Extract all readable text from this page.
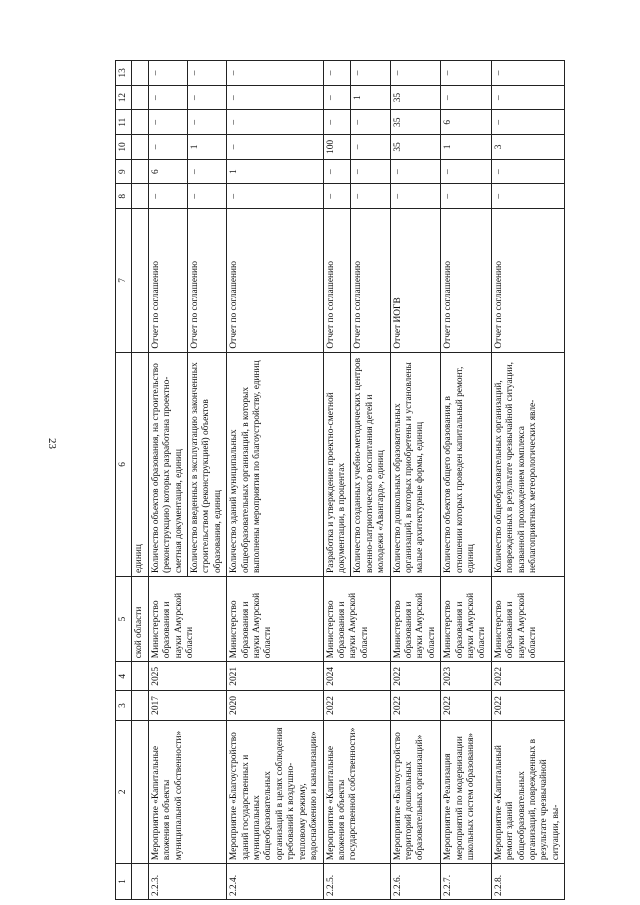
23
1	2	3	4	5	6	7	8	9	10	11	12	13
				ской области	единиц							
2.2.3.	Мероприятие «Капитальные вложения в объекты муниципальной собственности»	2017	2025	Министерство образования и науки Амурской области	Количество объектов образования, на строительство (реконструкцию) которых разработана проектно-сметная документация, единиц	Отчет по соглашению	–	6	–	–	–	–
					Количество введенных в эксплуатацию законченных строительством (реконструкцией) объектов образования, единиц	Отчет по соглашению	–	–	1	–	–	–
2.2.4.	Мероприятие «Благоустройство зданий государственных и муниципальных общеобразовательных организаций в целях соблюдения требований к воздушно-тепловому режиму, водоснабжению и канализации»	2020	2021	Министерство образования и науки Амурской области	Количество зданий муниципальных общеобразовательных организаций, в которых выполнены мероприятия по благоустройству, единиц	Отчет по соглашению	–	1	–	–	–	–
2.2.5.	Мероприятие «Капитальные вложения в объекты государственной собственности»	2022	2024	Министерство образования и науки Амурской области	Разработка и утверждение проектно-сметной документации, в процентах	Отчет по соглашению	–	–	100	–	–	–
					Количество созданных учебно-методических центров военно-патриотического воспитания детей и молодежи «Авангард», единиц	Отчет по соглашению	–	–	–	–	1	–
2.2.6.	Мероприятие «Благоустройство территорий дошкольных образовательных организаций»	2022	2022	Министерство образования и науки Амурской области	Количество дошкольных образовательных организаций, в которых приобретены и установлены малые архитектурные формы, единиц	Отчет ИОГВ	–	–	35	35	35	–
2.2.7.	Мероприятие «Реализация мероприятий по модернизации школьных систем образования»	2022	2023	Министерство образования и науки Амурской области	Количество объектов общего образования, в отношении которых проведен капитальный ремонт, единиц	Отчет по соглашению	–	–	1	6	–	–
2.2.8.	Мероприятие «Капитальный ремонт зданий общеобразовательных организаций, поврежденных в результате чрезвычайной ситуации, вы-	2022	2022	Министерство образования и науки Амурской области	Количество общеобразовательных организаций, поврежденных в результате чрезвычайной ситуации, вызванной прохождением комплекса неблагоприятных метеорологических явле-	Отчет по соглашению	–	–	3	–	–	–
